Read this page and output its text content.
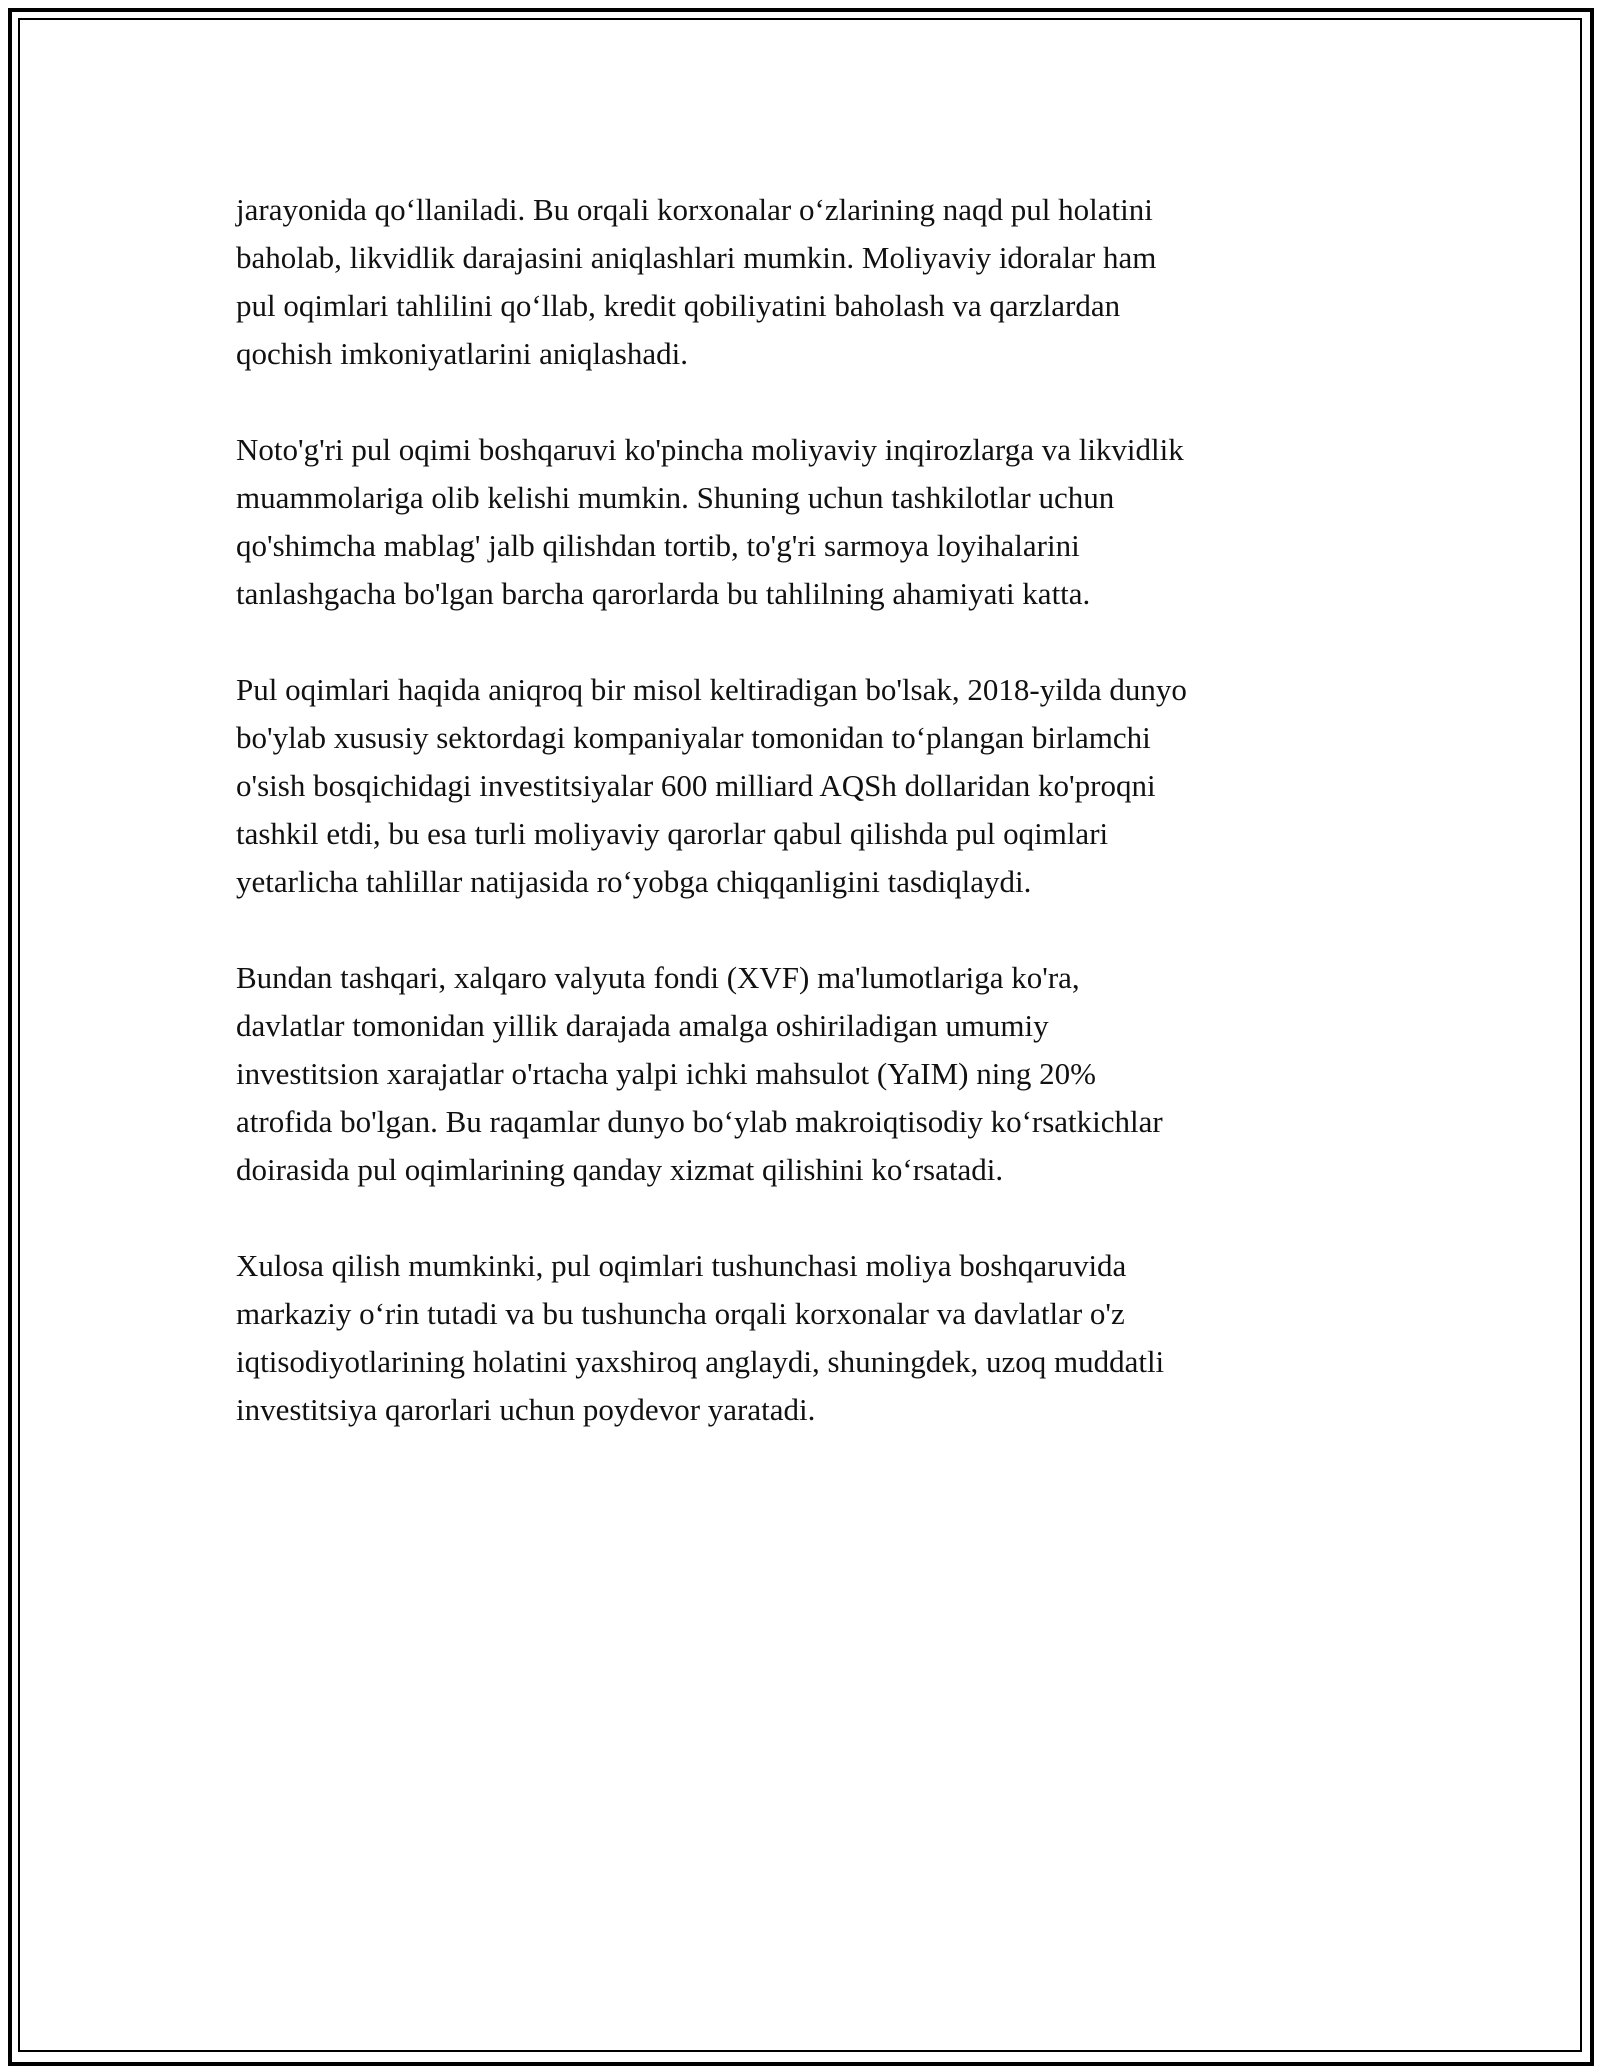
jarayonida qo‘llaniladi. Bu orqali korxonalar o‘zlarining naqd pul holatini
baholab, likvidlik darajasini aniqlashlari mumkin. Moliyaviy idoralar ham
pul oqimlari tahlilini qo‘llab, kredit qobiliyatini baholash va qarzlardan
qochish imkoniyatlarini aniqlashadi.

Noto'g'ri pul oqimi boshqaruvi ko'pincha moliyaviy inqirozlarga va likvidlik
muammolariga olib kelishi mumkin. Shuning uchun tashkilotlar uchun
qo'shimcha mablag' jalb qilishdan tortib, to'g'ri sarmoya loyihalarini
tanlashgacha bo'lgan barcha qarorlarda bu tahlilning ahamiyati katta.

Pul oqimlari haqida aniqroq bir misol keltiradigan bo'lsak, 2018-yilda dunyo
bo'ylab xususiy sektordagi kompaniyalar tomonidan to‘plangan birlamchi
o'sish bosqichidagi investitsiyalar 600 milliard AQSh dollaridan ko'proqni
tashkil etdi, bu esa turli moliyaviy qarorlar qabul qilishda pul oqimlari
yetarlicha tahlillar natijasida ro‘yobga chiqqanligini tasdiqlaydi.

Bundan tashqari, xalqaro valyuta fondi (XVF) ma'lumotlariga ko'ra,
davlatlar tomonidan yillik darajada amalga oshiriladigan umumiy
investitsion xarajatlar o'rtacha yalpi ichki mahsulot (YaIM) ning 20%
atrofida bo'lgan. Bu raqamlar dunyo bo‘ylab makroiqtisodiy ko‘rsatkichlar
doirasida pul oqimlarining qanday xizmat qilishini ko‘rsatadi.

Xulosa qilish mumkinki, pul oqimlari tushunchasi moliya boshqaruvida
markaziy o‘rin tutadi va bu tushuncha orqali korxonalar va davlatlar o'z
iqtisodiyotlarining holatini yaxshiroq anglaydi, shuningdek, uzoq muddatli
investitsiya qarorlari uchun poydevor yaratadi.
